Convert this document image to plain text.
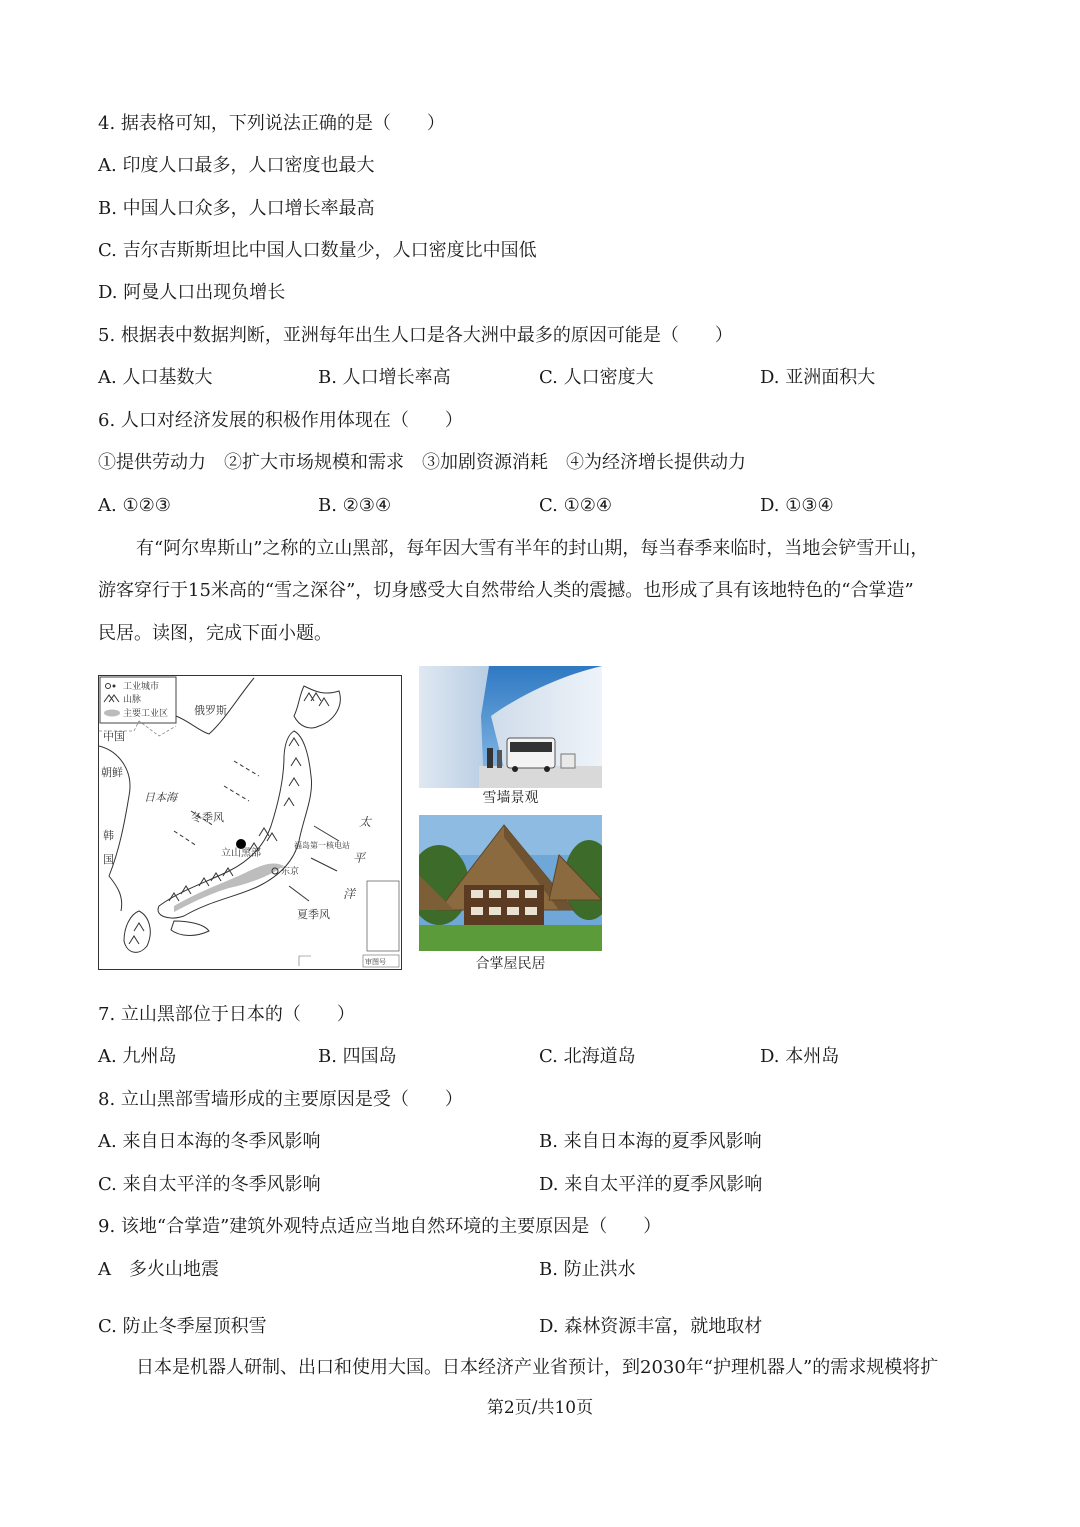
4. 据表格可知，下列说法正确的是（　　）
A. 印度人口最多，人口密度也最大
B. 中国人口众多，人口增长率最高
C. 吉尔吉斯斯坦比中国人口数量少，人口密度比中国低
D. 阿曼人口出现负增长
5. 根据表中数据判断，亚洲每年出生人口是各大洲中最多的原因可能是（　　）
A. 人口基数大	B. 人口增长率高	C. 人口密度大	D. 亚洲面积大
6. 人口对经济发展的积极作用体现在（　　）
①提供劳动力　②扩大市场规模和需求　③加剧资源消耗　④为经济增长提供动力
A. ①②③	B. ②③④	C. ①②④	D. ①③④
有“阿尔卑斯山”之称的立山黑部，每年因大雪有半年的封山期，每当春季来临时，当地会铲雪开山，
游客穿行于15米高的“雪之深谷”，切身感受大自然带给人类的震撼。也形成了具有该地特色的“合掌造”
民居。读图，完成下面小题。
工业城市
山脉
主要工业区 俄罗斯
中国
朝鲜
韩
国
日本海
冬季风
立山黑部
福岛第一核电站
东京
夏季风
太
平
洋
审图号
雪墙景观
合掌屋民居
7. 立山黑部位于日本的（　　）
A. 九州岛	B. 四国岛	C. 北海道岛	D. 本州岛
8. 立山黑部雪墙形成的主要原因是受（　　）
A. 来自日本海的冬季风影响	B. 来自日本海的夏季风影响
C. 来自太平洋的冬季风影响	D. 来自太平洋的夏季风影响
9. 该地“合掌造”建筑外观特点适应当地自然环境的主要原因是（　　）
A　多火山地震	B. 防止洪水
C. 防止冬季屋顶积雪	D. 森林资源丰富，就地取材
日本是机器人研制、出口和使用大国。日本经济产业省预计，到2030年“护理机器人”的需求规模将扩
第2页/共10页
